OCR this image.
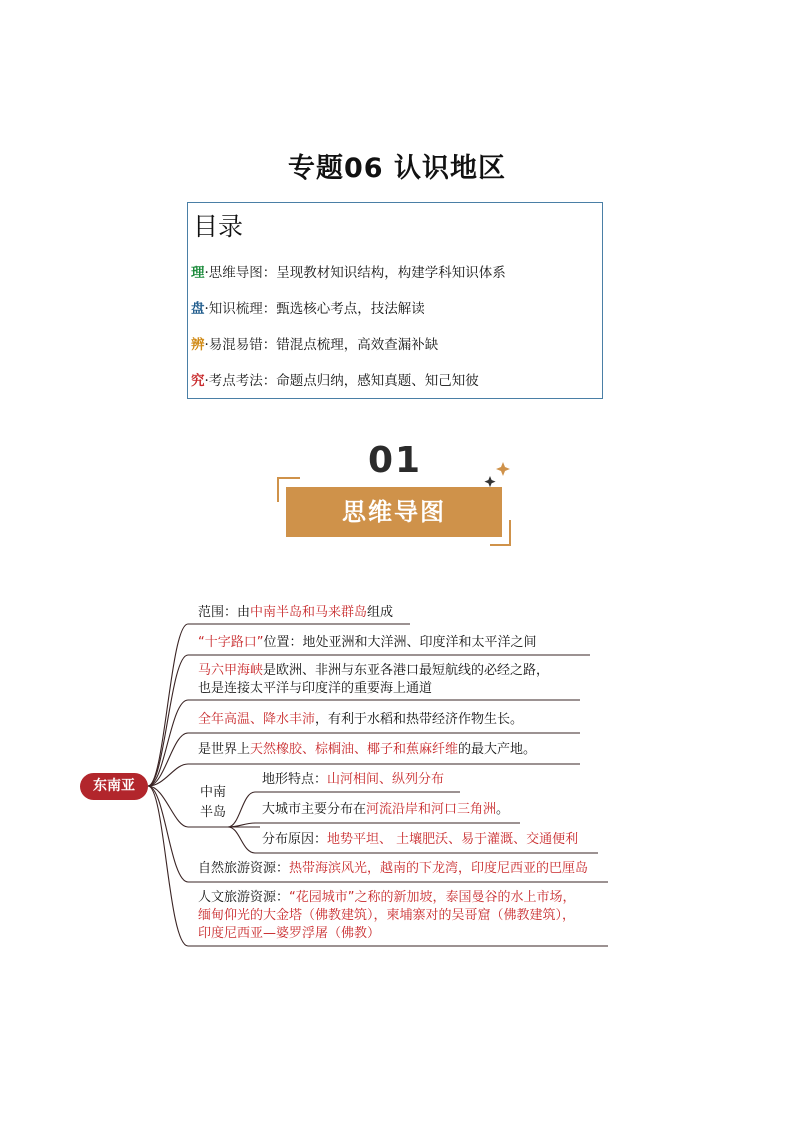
专题06 认识地区
目录
理·思维导图：呈现教材知识结构，构建学科知识体系
盘·知识梳理：甄选核心考点，技法解读
辨·易混易错：错混点梳理，高效查漏补缺
究·考点考法：命题点归纳，感知真题、知己知彼
01
思维导图
东南亚
范围：由中南半岛和马来群岛组成
“十字路口”位置：地处亚洲和大洋洲、印度洋和太平洋之间
马六甲海峡是欧洲、非洲与东亚各港口最短航线的必经之路，
也是连接太平洋与印度洋的重要海上通道
全年高温、降水丰沛，有利于水稻和热带经济作物生长。
是世界上天然橡胶、棕榈油、椰子和蕉麻纤维的最大产地。
中南
半岛
地形特点：山河相间、纵列分布
大城市主要分布在河流沿岸和河口三角洲。
分布原因：地势平坦、 土壤肥沃、易于灌溉、交通便利
自然旅游资源：热带海滨风光，越南的下龙湾，印度尼西亚的巴厘岛
人文旅游资源：“花园城市”之称的新加坡，泰国曼谷的水上市场，
缅甸仰光的大金塔（佛教建筑），柬埔寨对的吴哥窟（佛教建筑），
印度尼西亚—婆罗浮屠（佛教）
